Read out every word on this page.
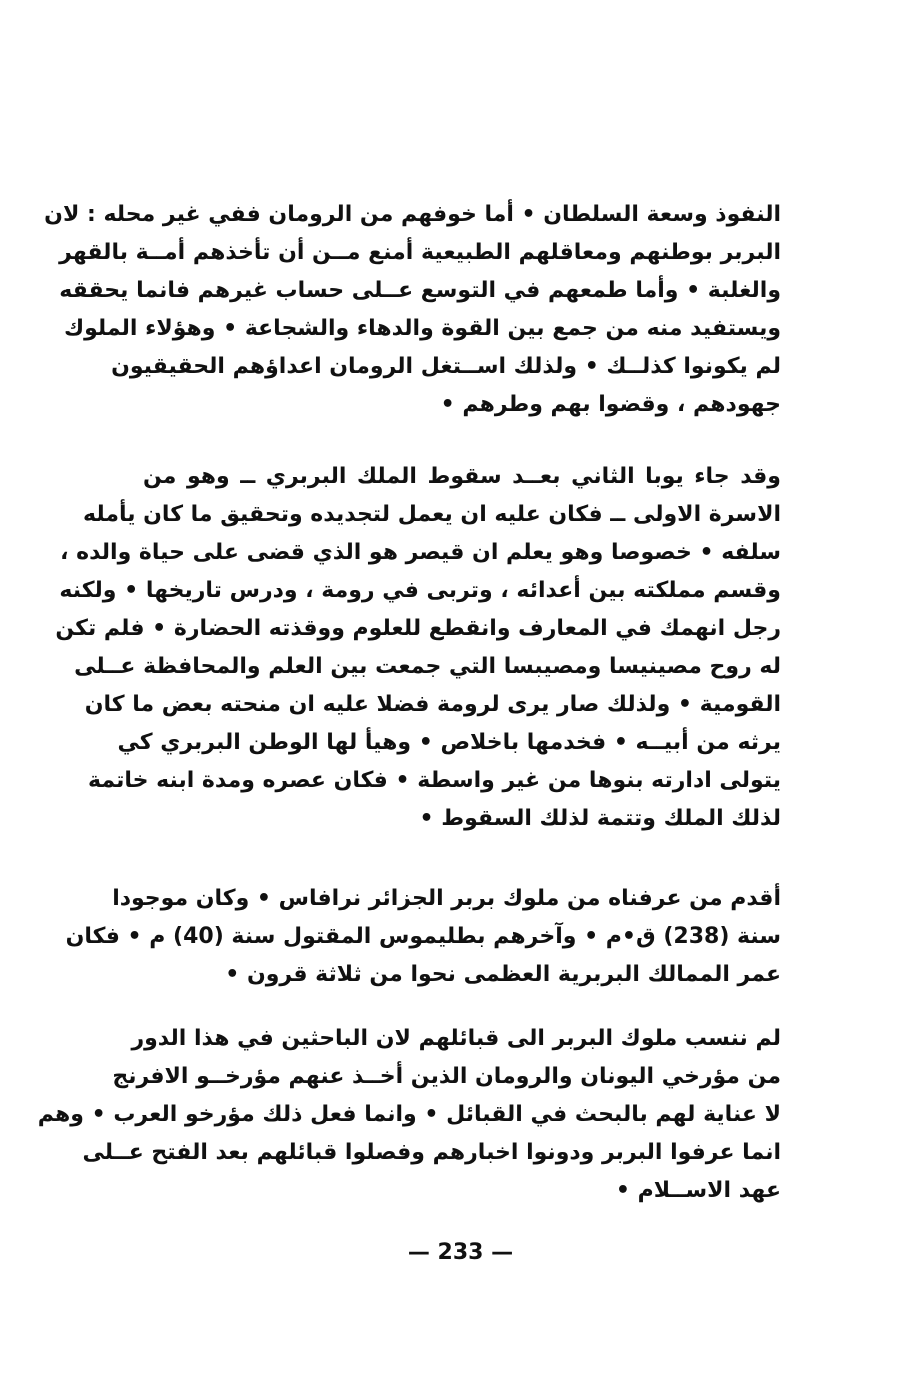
النفوذ وسعة السلطان • أما خوفهم من الرومان ففي غير محله : لان
البربر بوطنهم ومعاقلهم الطبيعية أمنع مــن أن تأخذهم أمــة بالقهر
والغلبة • وأما طمعهم في التوسع عــلى حساب غيرهم فانما يحققه
ويستفيد منه من جمع بين القوة والدهاء والشجاعة • وهؤلاء الملوك
لم يكونوا كذلــك • ولذلك اســتغل الرومان اعداؤهم الحقيقيون
جهودهم ، وقضوا بهم وطرهم •
وقد جاء يوبا الثاني بعــد سقوط الملك البربري ــ وهو من
الاسرة الاولى ــ فكان عليه ان يعمل لتجديده وتحقيق ما كان يأمله
سلفه • خصوصا وهو يعلم ان قيصر هو الذي قضى على حياة والده ،
وقسم مملكته بين أعدائه ، وتربى في رومة ، ودرس تاريخها • ولكنه
رجل انهمك في المعارف وانقطع للعلوم ووقذته الحضارة • فلم تكن
له روح مصينيسا ومصيبسا التي جمعت بين العلم والمحافظة عــلى
القومية • ولذلك صار يرى لرومة فضلا عليه ان منحته بعض ما كان
يرثه من أبيــه • فخدمها باخلاص • وهيأ لها الوطن البربري كي
يتولى ادارته بنوها من غير واسطة • فكان عصره ومدة ابنه خاتمة
لذلك الملك وتتمة لذلك السقوط •
أقدم من عرفناه من ملوك بربر الجزائر نرافاس • وكان موجودا
سنة (238) ق•م • وآخرهم بطليموس المقتول سنة (40) م • فكان
عمر الممالك البربرية العظمى نحوا من ثلاثة قرون •
لم ننسب ملوك البربر الى قبائلهم لان الباحثين في هذا الدور
من مؤرخي اليونان والرومان الذين أخــذ عنهم مؤرخــو الافرنج
لا عناية لهم بالبحث في القبائل • وانما فعل ذلك مؤرخو العرب • وهم
انما عرفوا البربر ودونوا اخبارهم وفصلوا قبائلهم بعد الفتح عــلى
عهد الاســلام •
— 233 —
